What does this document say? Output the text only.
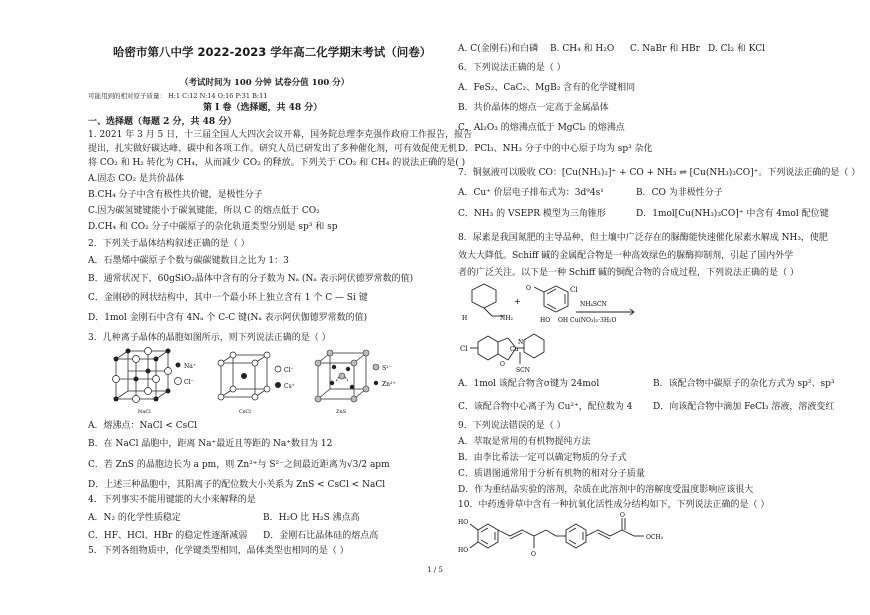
哈密市第八中学 2022-2023 学年高二化学期末考试（问卷）
（考试时间为 100 分钟 试卷分值 100 分）
可能用到的相对原子质量： H:1 C:12 N:14 O:16 P:31 B:11
第 I 卷（选择题，共 48 分）
一、选择题（每题 2 分，共 48 分）
1. 2021 年 3 月 5 日，十三届全国人大四次会议开幕，国务院总理李克强作政府工作报告，报告
提出，扎实做好碳达峰、碳中和各项工作。研究人员已研发出了多种催化剂，可有效促使无机
将 CO₂ 和 H₂ 转化为 CH₄，从而减少 CO₂ 的释放。下列关于 CO₂ 和 CH₄ 的说法正确的是( )
A.固态 CO₂ 是共价晶体
B.CH₄ 分子中含有极性共价键，是极性分子
C.因为碳氢键键能小于碳氧键能，所以 C 的熔点低于 CO₂
D.CH₄ 和 CO₂ 分子中碳原子的杂化轨道类型分别是 sp³ 和 sp
2．下列关于晶体结构叙述正确的是（ ）
A．石墨烯中碳原子个数与碳碳键数目之比为 1：3
B．通常状况下，60gSiO₂晶体中含有的分子数为 Nₐ (Nₐ 表示阿伏德罗常数的值)
C．金刚砂的网状结构中，其中一个最小环上独立含有 1 个 C — Si 键
D．1mol 金刚石中含有 4Nₐ 个 C-C 键(Nₐ 表示阿伏伽德罗常数的值)
3．几种离子晶体的晶胞如图所示，则下列说法正确的是（ ）
Na⁺
Cl⁻
NaCl
Cl⁻
Cs⁺
CsCl
S²⁻
Zn²⁺
ZnS
A．熔沸点：NaCl < CsCl
B．在 NaCl 晶胞中，距离 Na⁺最近且等距的 Na⁺数目为 12
C．若 ZnS 的晶胞边长为 a pm，则 Zn²⁺与 S²⁻之间最近距离为√3/2 apm
D．上述三种晶胞中，其阳离子的配位数大小关系为 ZnS < CsCl < NaCl
4．下列事实不能用键能的大小来解释的是
A．N₂ 的化学性质稳定	B．H₂O 比 H₂S 沸点高
C．HF、HCl、HBr 的稳定性逐渐减弱 D．金刚石比晶体硅的熔点高
5．下列各组物质中，化学键类型相同，晶体类型也相同的是（ ）
A. C(金刚石)和白磷 B. CH₄ 和 H₂O C. NaBr 和 HBr D. Cl₂ 和 KCl
6．下列说法正确的是（ ）
A．FeS₂、CaC₂、MgB₂ 含有的化学键相同
B．共价晶体的熔点一定高于金属晶体
C．Al₂O₃ 的熔沸点低于 MgCl₂ 的熔沸点
D．PCl₃、NH₃ 分子中的中心原子均为 sp³ 杂化
7．铜氨液可以吸收 CO：[Cu(NH₃)₂]⁺ + CO + NH₃ ⇌ [Cu(NH₃)₃CO]⁺。下列说法正确的是（ ）
A．Cu⁺ 价层电子排布式为：3d⁹4s¹	B．CO 为非极性分子
C．NH₃ 的 VSEPR 模型为三角锥形	D．1mol[Cu(NH₃)₃CO]⁺ 中含有 4mol 配位键
8．尿素是我国氮肥的主导品种，但土壤中广泛存在的脲酶能快速催化尿素水解成 NH₃，使肥
效大大降低。Schiff 碱的金属配合物是一种高效绿色的脲酶抑制剂，引起了国内外学
者的广泛关注。以下是一种 Schiff 碱的铜配合物的合成过程，下列说法正确的是（ ）
H	NH₂
+
Cl
NH₄SCN
Cu(NO₃)₂·3H₂O
OH
HO
O
Cl
O
Cu
N
SCN
A．1mol 该配合物含σ键为 24mol	B．该配合物中碳原子的杂化方式为 sp²、sp³
C．该配合物中心离子为 Cu²⁺，配位数为 4 D．向该配合物中滴加 FeCl₃ 溶液，溶液变红
9．下列说法错误的是（ ）
A．萃取是常用的有机物提纯方法
B．由李比希法一定可以确定物质的分子式
C．质谱图通常用于分析有机物的相对分子质量
D．作为重结晶实验的溶剂，杂质在此溶剂中的溶解度受温度影响应该很大
10．中药透骨草中含有一种抗氧化活性成分结构如下，下列说法正确的是（ ）
HO
HO
O
O
OCH₃
1 / 5
